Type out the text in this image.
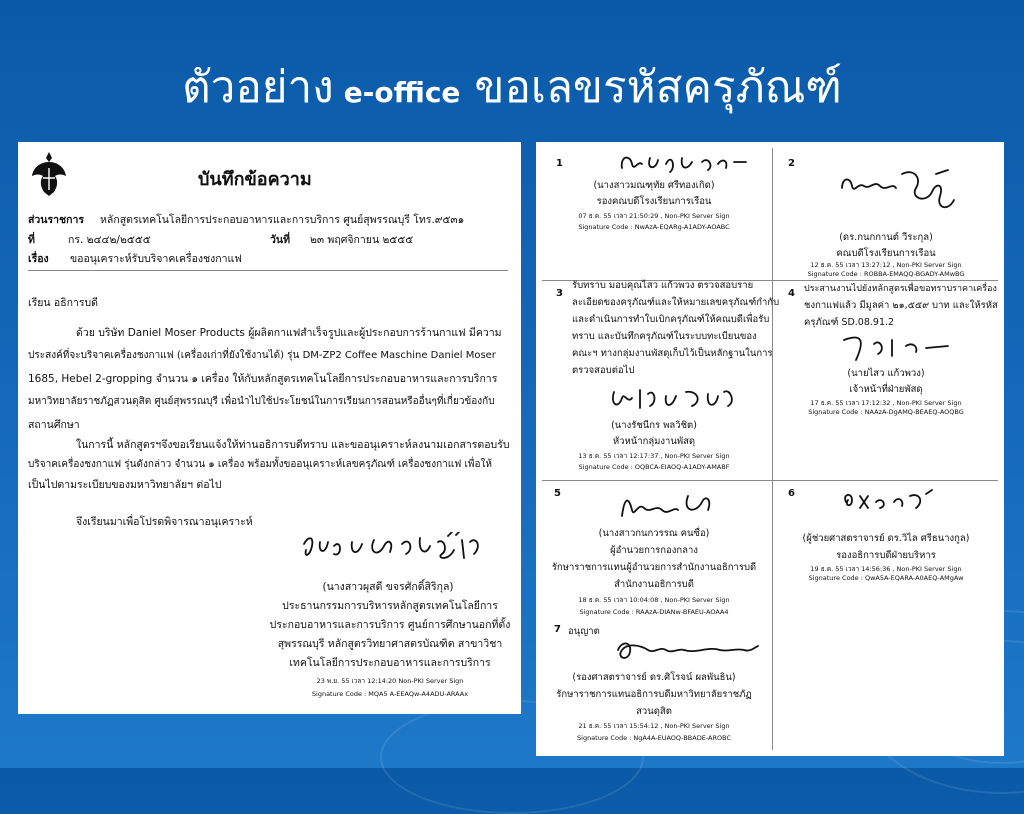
ตัวอย่าง e-office ขอเลขรหัสครุภัณฑ์
บันทึกข้อความ
ส่วนราชการ หลักสูตรเทคโนโลยีการประกอบอาหารและการบริการ ศูนย์สุพรรณบุรี โทร.๙๕๓๑
ที่	กร. ๒๔๔๒/๒๕๕๕	วันที่ ๒๓ พฤศจิกายน ๒๕๕๕
เรื่อง ขออนุเคราะห์รับบริจาคเครื่องชงกาแฟ
เรียน อธิการบดี
ด้วย บริษัท Daniel Moser Products ผู้ผลิตกาแฟสำเร็จรูปและผู้ประกอบการร้านกาแฟ มีความ
ประสงค์ที่จะบริจาคเครื่องชงกาแฟ (เครื่องเก่าที่ยังใช้งานได้) รุ่น DM-ZP2 Coffee Maschine Daniel Moser
1685, Hebel 2-gropping จำนวน ๑ เครื่อง ให้กับหลักสูตรเทคโนโลยีการประกอบอาหารและการบริการ
มหาวิทยาลัยราชภัฏสวนดุสิต ศูนย์สุพรรณบุรี เพื่อนำไปใช้ประโยชน์ในการเรียนการสอนหรืออื่นๆที่เกี่ยวข้องกับ
สถานศึกษา
ในการนี้ หลักสูตรฯจึงขอเรียนแจ้งให้ท่านอธิการบดีทราบ และขออนุเคราะห์ลงนามเอกสารตอบรับ
บริจาคเครื่องชงกาแฟ รุ่นดังกล่าว จำนวน ๑ เครื่อง พร้อมทั้งขออนุเคราะห์เลขครุภัณฑ์ เครื่องชงกาแฟ เพื่อให้
เป็นไปตามระเบียบของมหาวิทยาลัยฯ ต่อไป
จึงเรียนมาเพื่อโปรดพิจารณาอนุเคราะห์
(นางสาวผุสดี ขจรศักดิ์สิริกุล)
ประธานกรรมการบริหารหลักสูตรเทคโนโลยีการ
ประกอบอาหารและการบริการ ศูนย์การศึกษานอกที่ตั้ง
สุพรรณบุรี หลักสูตรวิทยาศาสตรบัณฑิต สาขาวิชา
เทคโนโลยีการประกอบอาหารและการบริการ
23 พ.ย. 55 เวลา 12:14:20 Non-PKI Server Sign
Signature Code : MQA5 A-EEAQw-A4ADU-ARAAx
1
(นางสาวมณฑุทัย ศรีทองเกิด)
รองคณบดีโรงเรียนการเรือน
07 ธ.ค. 55 เวลา 21:50:29 , Non-PKI Server Sign
Signature Code : NwAzA-EQARg-A1ADY-AOABC
2
(ดร.กนกกานต์ วีระกุล)
คณบดีโรงเรียนการเรือน
12 ธ.ค. 55 เวลา 13:27:12 , Non-PKI Server Sign
Signature Code : ROBBA-EMAQQ-BGADY-AMwBG
3
รับทราบ มอบคุณไสว แก้วพวง ตรวจสอบราย
ละเอียดของครุภัณฑ์และให้หมายเลขครุภัณฑ์กำกับ
และดำเนินการทำใบเบิกครุภัณฑ์ให้คณบดีเพื่อรับ
ทราบ และบันทึกครุภัณฑ์ในระบบทะเบียนของ
คณะฯ ทางกลุ่มงานพัสดุเก็บไว้เป็นหลักฐานในการ
ตรวจสอบต่อไป
(นางรัชนีกร พลวิชิต)
หัวหน้ากลุ่มงานพัสดุ
13 ธ.ค. 55 เวลา 12:17:37 , Non-PKI Server Sign
Signature Code : OQBCA-EIAOQ-A1ADY-AMABF
4 ประสานงานไปยังหลักสูตรเพื่อขอทราบราคาเครื่อง
ชงกาแฟแล้ว มีมูลค่า ๒๑,๕๕๙ บาท และให้รหัส
ครุภัณฑ์ SD.08.91.2
(นายไสว แก้วพวง)
เจ้าหน้าที่ฝ่ายพัสดุ
17 ธ.ค. 55 เวลา 17:12:32 , Non-PKI Server Sign
Signature Code : NAAzA-DgAMQ-BEAEQ-AOQBG
5
(นางสาวกนกวรรณ คนซื่อ)
ผู้อำนวยการกองกลาง
รักษาราชการแทนผู้อำนวยการสำนักงานอธิการบดี
สำนักงานอธิการบดี
18 ธ.ค. 55 เวลา 10:04:08 , Non-PKI Server Sign
Signature Code : RAAzA-DIANw-BFAEU-AOAA4
6
(ผู้ช่วยศาสตราจารย์ ดร.วิไล ศรีธนางกูล)
รองอธิการบดีฝ่ายบริหาร
19 ธ.ค. 55 เวลา 14:56:36 , Non-PKI Server Sign
Signature Code : QwA5A-EQARA-A0AEQ-AMgAw
7 อนุญาต
(รองศาสตราจารย์ ดร.ศิโรจน์ ผลพันธิน)
รักษาราชการแทนอธิการบดีมหาวิทยาลัยราชภัฏ
สวนดุสิต
21 ธ.ค. 55 เวลา 15:54:12 , Non-PKI Server Sign
Signature Code : NgA4A-EUAOQ-BBADE-AROBC
